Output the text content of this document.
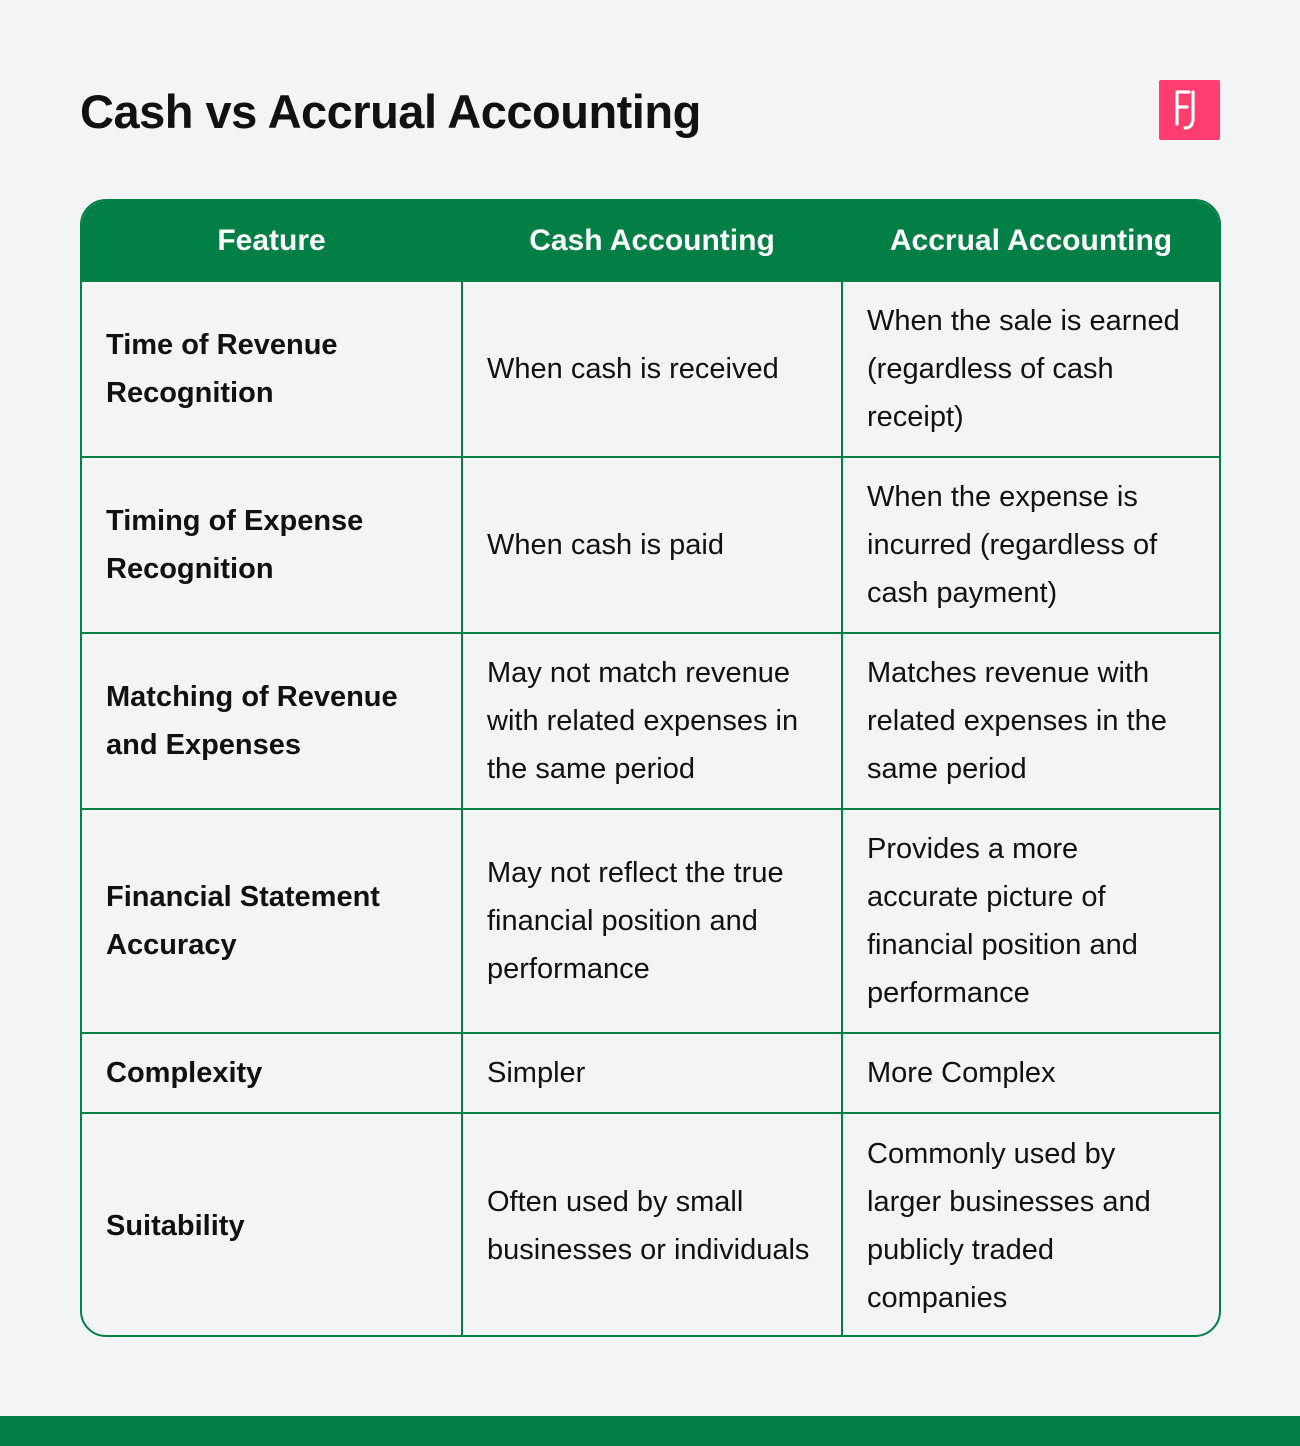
Cash vs Accrual Accounting
Feature	Cash Accounting	Accrual Accounting
Time of Revenue Recognition	When cash is received	When the sale is earned (regardless of cash receipt)
Timing of Expense Recognition	When cash is paid	When the expense is incurred (regardless of cash payment)
Matching of Revenue and Expenses	May not match revenue with related expenses in the same period	Matches revenue with related expenses in the same period
Financial Statement Accuracy	May not reflect the true financial position and performance	Provides a more accurate picture of financial position and performance
Complexity	Simpler	More Complex
Suitability	Often used by small businesses or individuals	Commonly used by larger businesses and publicly traded companies
